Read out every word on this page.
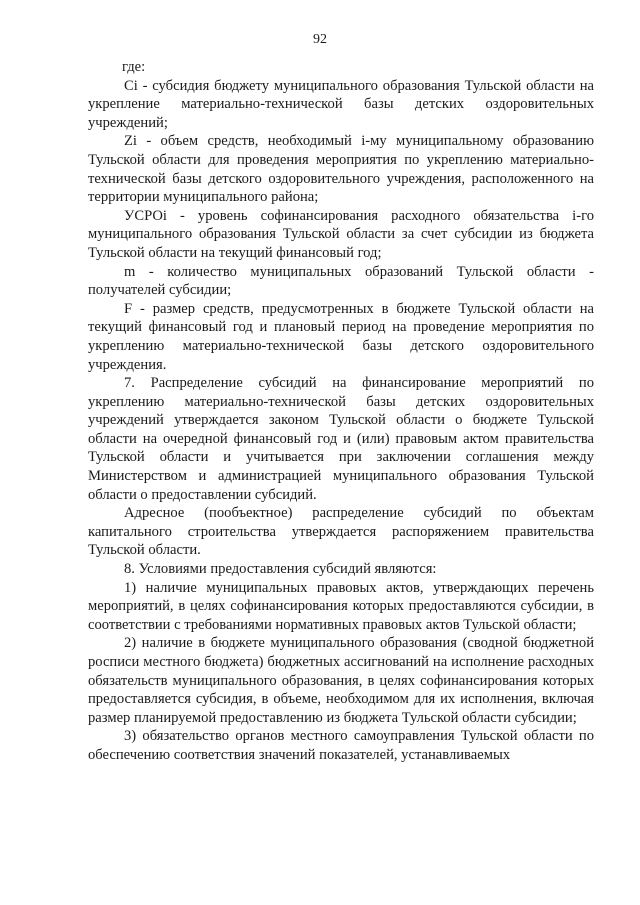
92

где:

Ci - субсидия бюджету муниципального образования Тульской области на укрепление материально-технической базы детских оздоровительных учреждений;

Zi - объем средств, необходимый i-му муниципальному образованию Тульской области для проведения мероприятия по укреплению материально-технической базы детского оздоровительного учреждения, расположенного на территории муниципального района;

УСРОi - уровень софинансирования расходного обязательства i-го муниципального образования Тульской области за счет субсидии из бюджета Тульской области на текущий финансовый год;

m - количество муниципальных образований Тульской области - получателей субсидии;

F - размер средств, предусмотренных в бюджете Тульской области на текущий финансовый год и плановый период на проведение мероприятия по укреплению материально-технической базы детского оздоровительного учреждения.

7. Распределение субсидий на финансирование мероприятий по укреплению материально-технической базы детских оздоровительных учреждений утверждается законом Тульской области о бюджете Тульской области на очередной финансовый год и (или) правовым актом правительства Тульской области и учитывается при заключении соглашения между Министерством и администрацией муниципального образования Тульской области о предоставлении субсидий.

Адресное (пообъектное) распределение субсидий по объектам капитального строительства утверждается распоряжением правительства Тульской области.

8. Условиями предоставления субсидий являются:

1) наличие муниципальных правовых актов, утверждающих перечень мероприятий, в целях софинансирования которых предоставляются субсидии, в соответствии с требованиями нормативных правовых актов Тульской области;

2) наличие в бюджете муниципального образования (сводной бюджетной росписи местного бюджета) бюджетных ассигнований на исполнение расходных обязательств муниципального образования, в целях софинансирования которых предоставляется субсидия, в объеме, необходимом для их исполнения, включая размер планируемой предоставлению из бюджета Тульской области субсидии;

3) обязательство органов местного самоуправления Тульской области по обеспечению соответствия значений показателей, устанавливаемых
